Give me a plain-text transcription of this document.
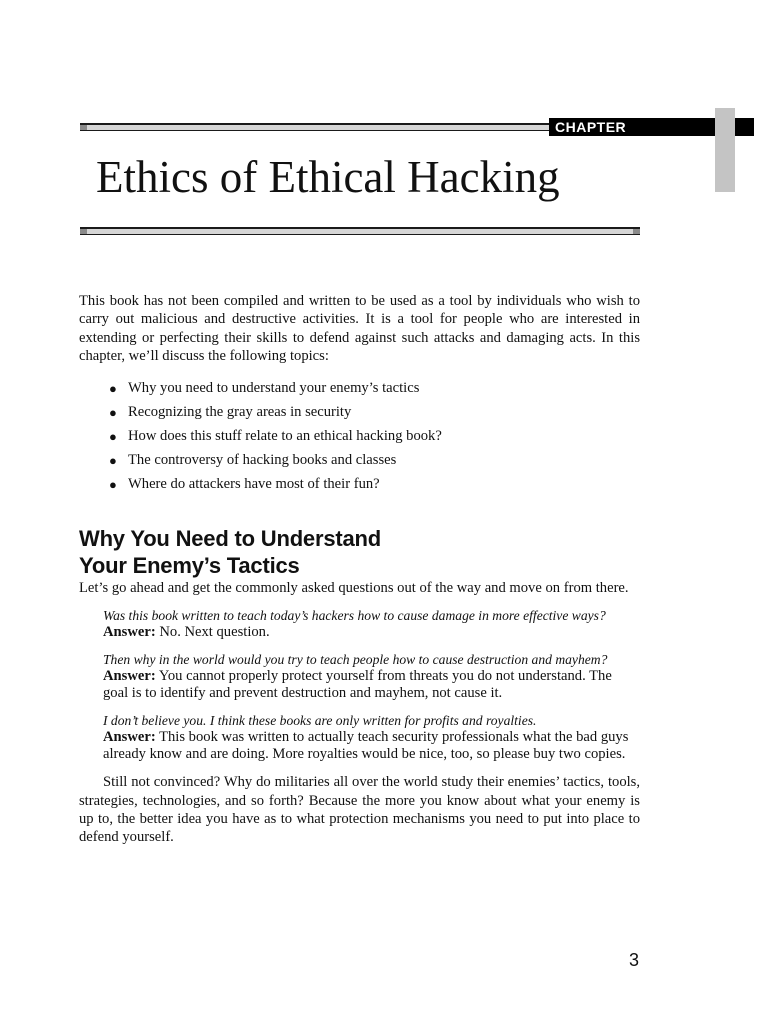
CHAPTER
Ethics of Ethical Hacking

This book has not been compiled and written to be used as a tool by individuals who wish to carry out malicious and destructive activities. It is a tool for people who are interested in extending or perfecting their skills to defend against such attacks and damaging acts. In this chapter, we’ll discuss the following topics:

● Why you need to understand your enemy’s tactics
● Recognizing the gray areas in security
● How does this stuff relate to an ethical hacking book?
● The controversy of hacking books and classes
● Where do attackers have most of their fun?
Why You Need to Understand
Your Enemy’s Tactics

Let’s go ahead and get the commonly asked questions out of the way and move on from there.

Was this book written to teach today’s hackers how to cause damage in more effective ways?

Answer: No. Next question.

Then why in the world would you try to teach people how to cause destruction and mayhem?

Answer: You cannot properly protect yourself from threats you do not understand. The goal is to identify and prevent destruction and mayhem, not cause it.

I don’t believe you. I think these books are only written for profits and royalties.

Answer: This book was written to actually teach security professionals what the bad guys already know and are doing. More royalties would be nice, too, so please buy two copies.

Still not convinced? Why do militaries all over the world study their enemies’ tactics, tools, strategies, technologies, and so forth? Because the more you know about what your enemy is up to, the better idea you have as to what protection mechanisms you need to put into place to defend yourself.

3
